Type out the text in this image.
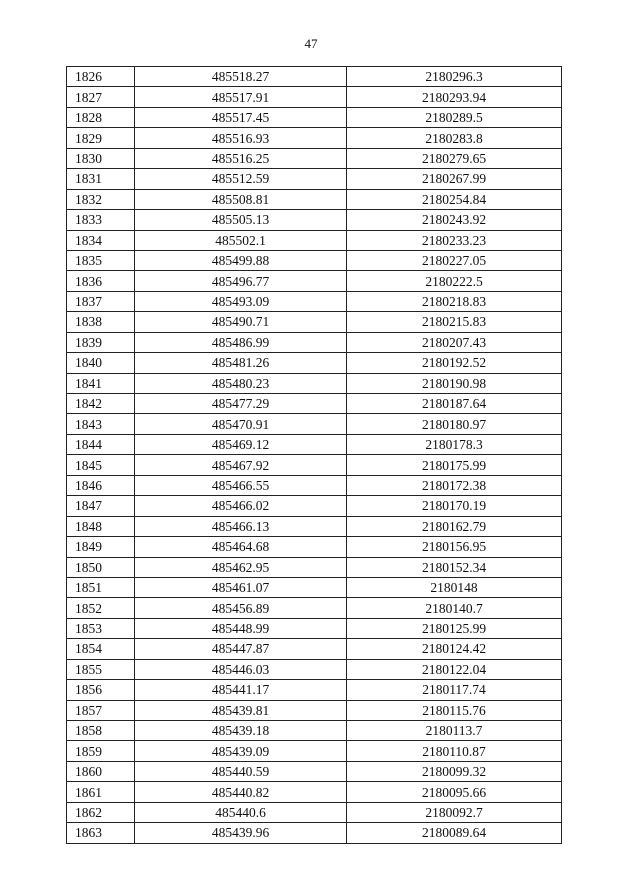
47
1826	485518.27	2180296.3
1827	485517.91	2180293.94
1828	485517.45	2180289.5
1829	485516.93	2180283.8
1830	485516.25	2180279.65
1831	485512.59	2180267.99
1832	485508.81	2180254.84
1833	485505.13	2180243.92
1834	485502.1	2180233.23
1835	485499.88	2180227.05
1836	485496.77	2180222.5
1837	485493.09	2180218.83
1838	485490.71	2180215.83
1839	485486.99	2180207.43
1840	485481.26	2180192.52
1841	485480.23	2180190.98
1842	485477.29	2180187.64
1843	485470.91	2180180.97
1844	485469.12	2180178.3
1845	485467.92	2180175.99
1846	485466.55	2180172.38
1847	485466.02	2180170.19
1848	485466.13	2180162.79
1849	485464.68	2180156.95
1850	485462.95	2180152.34
1851	485461.07	2180148
1852	485456.89	2180140.7
1853	485448.99	2180125.99
1854	485447.87	2180124.42
1855	485446.03	2180122.04
1856	485441.17	2180117.74
1857	485439.81	2180115.76
1858	485439.18	2180113.7
1859	485439.09	2180110.87
1860	485440.59	2180099.32
1861	485440.82	2180095.66
1862	485440.6	2180092.7
1863	485439.96	2180089.64
